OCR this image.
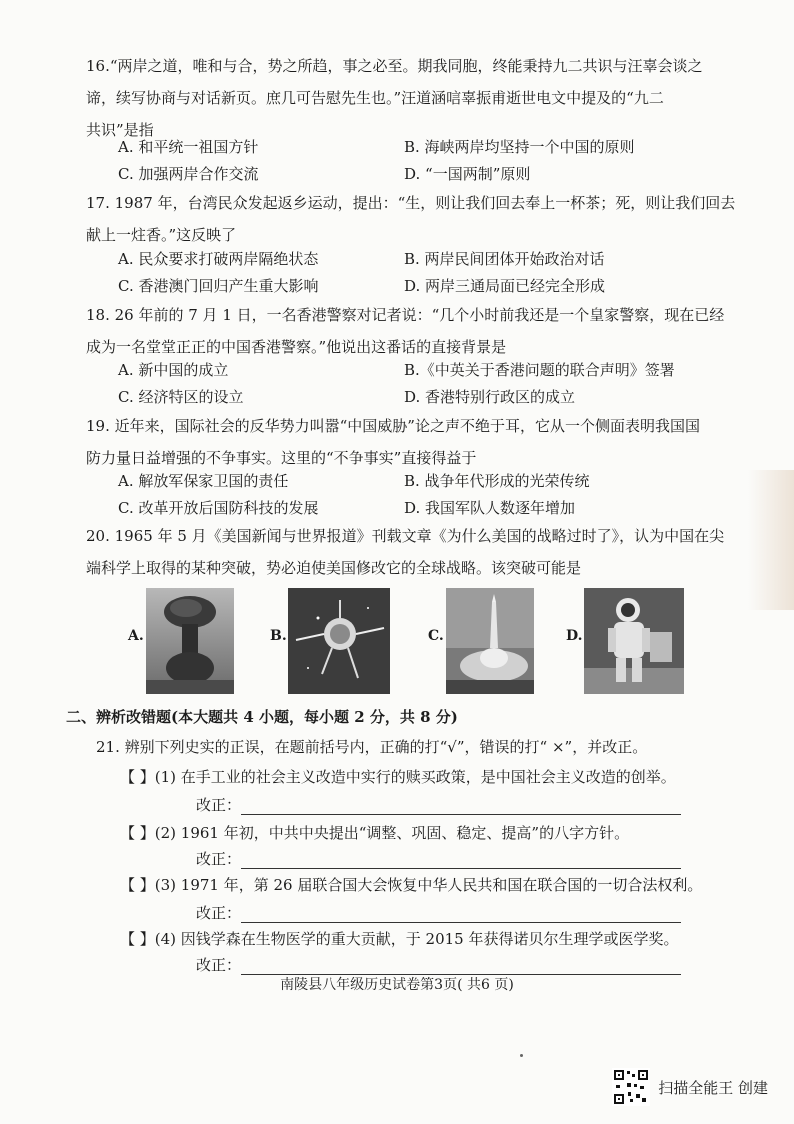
16.“两岸之道，唯和与合，势之所趋，事之必至。期我同胞，终能秉持九二共识与汪辜会谈之
谛，续写协商与对话新页。庶几可告慰先生也。”汪道涵唁辜振甫逝世电文中提及的“九二
共识”是指
A. 和平统一祖国方针	B. 海峡两岸均坚持一个中国的原则
C. 加强两岸合作交流	D. “一国两制”原则
17. 1987 年，台湾民众发起返乡运动，提出：“生，则让我们回去奉上一杯茶；死，则让我们回去
献上一炷香。”这反映了
A. 民众要求打破两岸隔绝状态	B. 两岸民间团体开始政治对话
C. 香港澳门回归产生重大影响	D. 两岸三通局面已经完全形成
18. 26 年前的 7 月 1 日，一名香港警察对记者说：“几个小时前我还是一个皇家警察，现在已经
成为一名堂堂正正的中国香港警察。”他说出这番话的直接背景是
A. 新中国的成立	B.《中英关于香港问题的联合声明》签署
C. 经济特区的设立	D. 香港特别行政区的成立
19. 近年来，国际社会的反华势力叫嚣“中国威胁”论之声不绝于耳，它从一个侧面表明我国国
防力量日益增强的不争事实。这里的“不争事实”直接得益于
A. 解放军保家卫国的责任	B. 战争年代形成的光荣传统
C. 改革开放后国防科技的发展	D. 我国军队人数逐年增加
20. 1965 年 5 月《美国新闻与世界报道》刊载文章《为什么美国的战略过时了》，认为中国在尖
端科学上取得的某种突破，势必迫使美国修改它的全球战略。该突破可能是
A.	B.	C.	D.
二、辨析改错题(本大题共 4 小题，每小题 2 分，共 8 分)
21. 辨别下列史实的正误，在题前括号内，正确的打“√”，错误的打“ ×”，并改正。
【 】(1) 在手工业的社会主义改造中实行的赎买政策，是中国社会主义改造的创举。
改正：
【 】(2) 1961 年初，中共中央提出“调整、巩固、稳定、提高”的八字方针。
改正：
【 】(3) 1971 年，第 26 届联合国大会恢复中华人民共和国在联合国的一切合法权利。
改正：
【 】(4) 因钱学森在生物医学的重大贡献，于 2015 年获得诺贝尔生理学或医学奖。
改正：
南陵县八年级历史试卷第3页( 共6 页)
扫描全能王 创建
